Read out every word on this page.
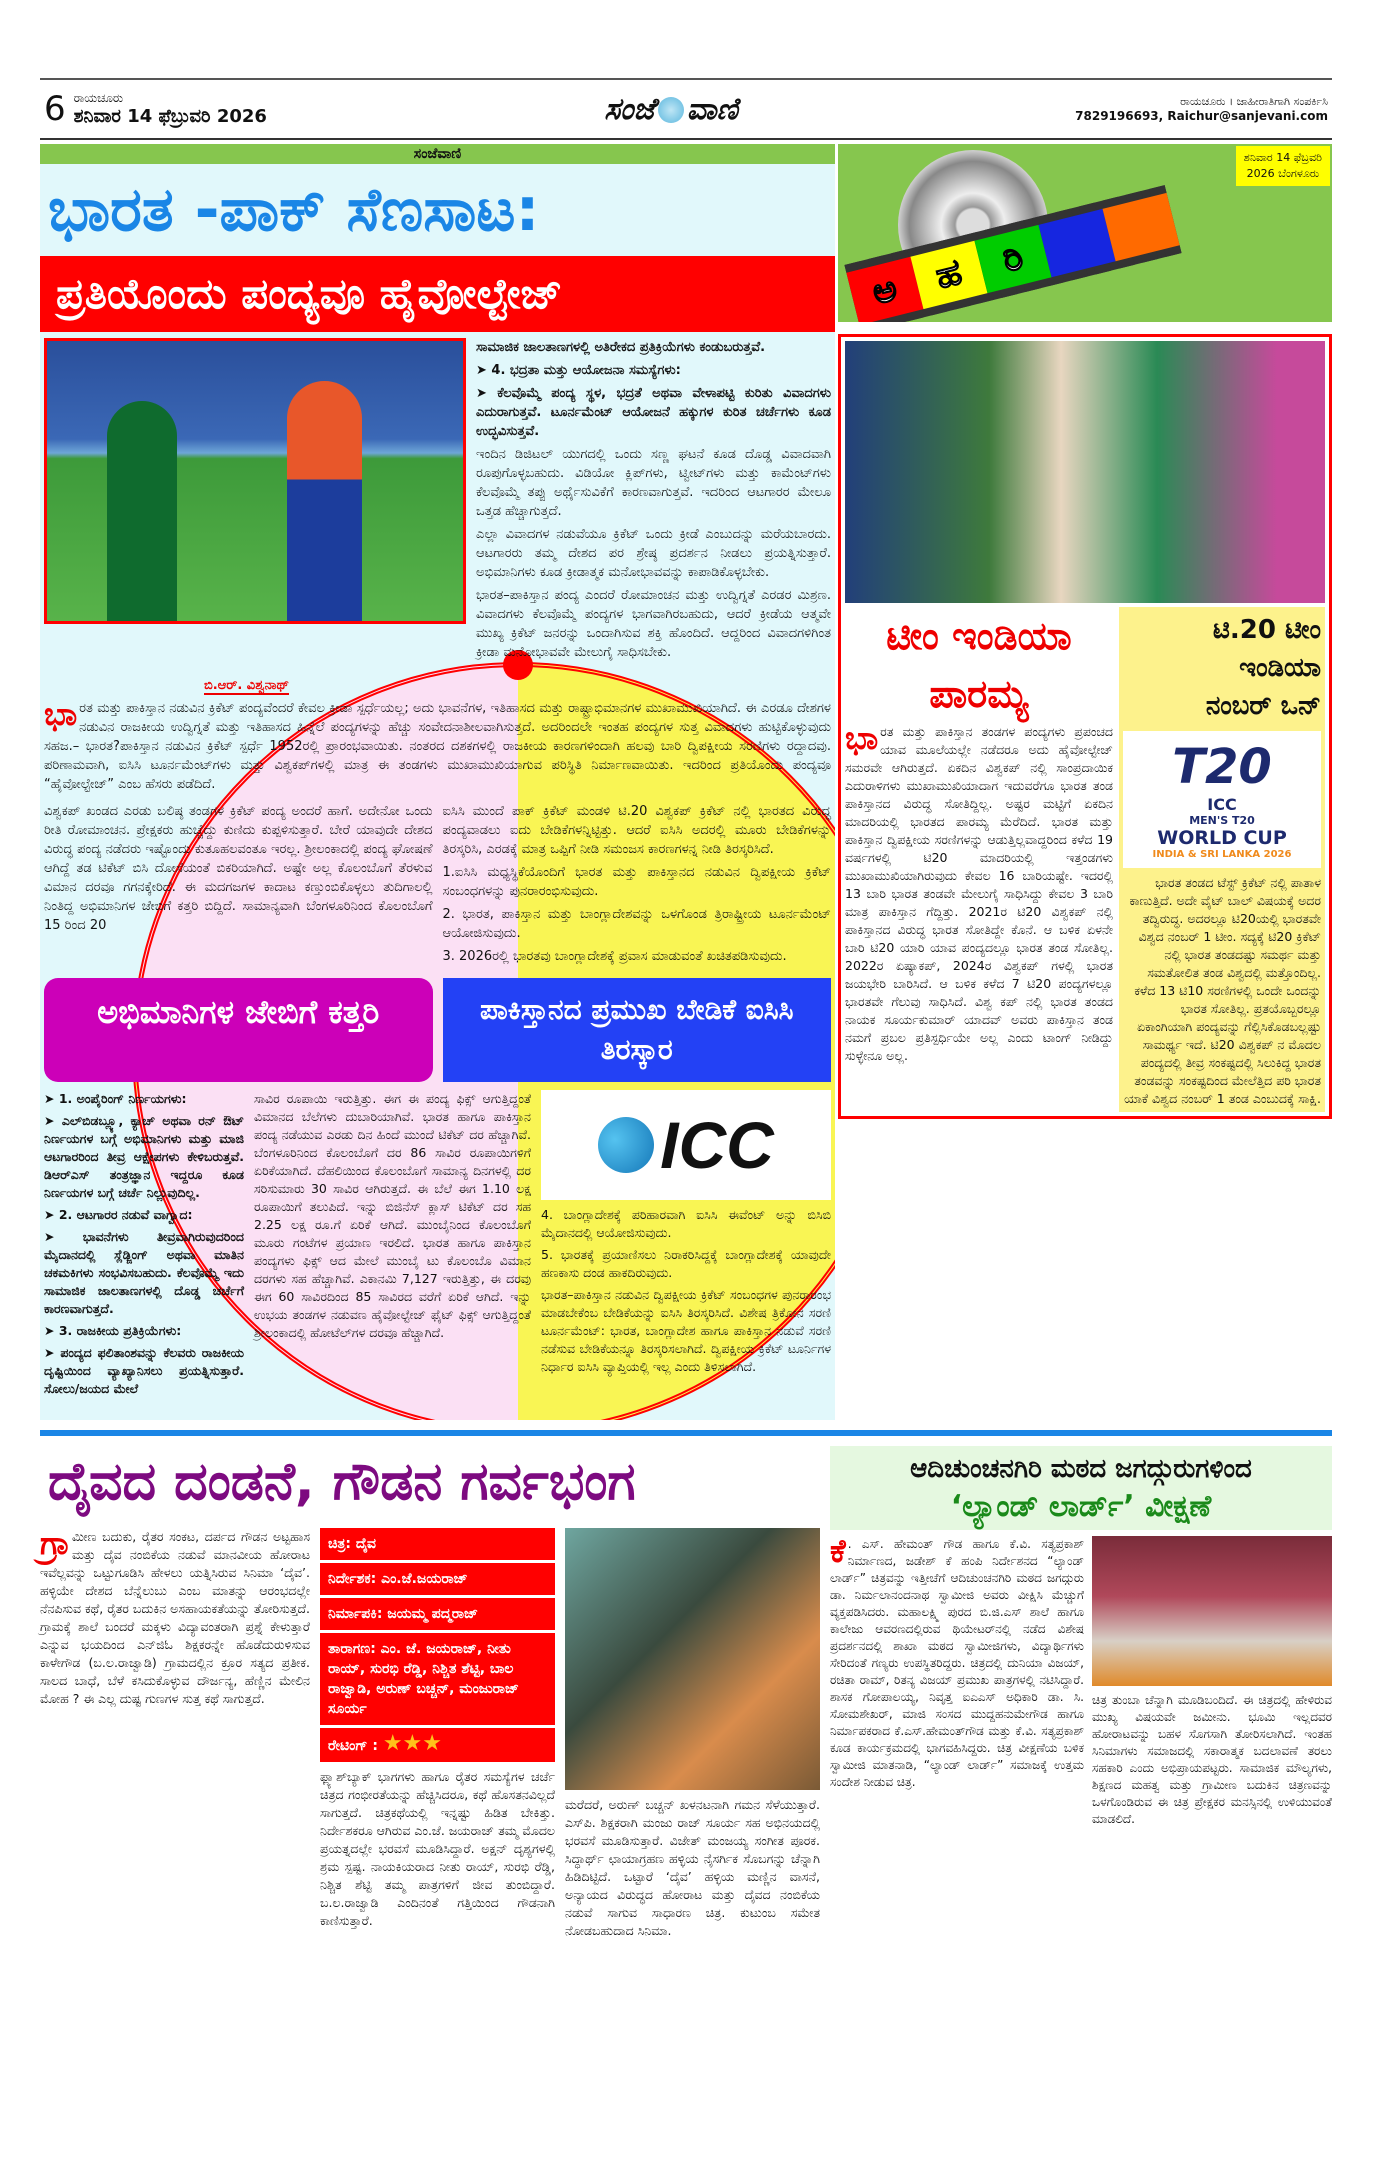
6 ರಾಯಚೂರು
ಶನಿವಾರ 14 ಫೆಬ್ರುವರಿ 2026	ಸಂಜೆ ವಾಣಿ	ರಾಯಚೂರು । ಜಾಹೀರಾತಿಗಾಗಿ ಸಂಪರ್ಕಿಸಿ
7829196693, Raichur@sanjevani.com
ಸಂಜೆವಾಣಿ
ಭಾರತ -ಪಾಕ್ ಸೆಣಸಾಟ:
ಪ್ರತಿಯೊಂದು ಪಂದ್ಯವೂ ಹೈವೋಲ್ಟೇಜ್

ಸಾಮಾಜಿಕ ಜಾಲತಾಣಗಳಲ್ಲಿ ಅತಿರೇಕದ ಪ್ರತಿಕ್ರಿಯೆಗಳು ಕಂಡುಬರುತ್ತವೆ.

➤ 4. ಭದ್ರತಾ ಮತ್ತು ಆಯೋಜನಾ ಸಮಸ್ಯೆಗಳು:

➤ ಕೆಲವೊಮ್ಮೆ ಪಂದ್ಯ ಸ್ಥಳ, ಭದ್ರತೆ ಅಥವಾ ವೇಳಾಪಟ್ಟಿ ಕುರಿತು ವಿವಾದಗಳು ಎದುರಾಗುತ್ತವೆ. ಟೂರ್ನಮೆಂಟ್ ಆಯೋಜನೆ ಹಕ್ಕುಗಳ ಕುರಿತ ಚರ್ಚೆಗಳು ಕೂಡ ಉದ್ಭವಿಸುತ್ತವೆ.

ಇಂದಿನ ಡಿಜಿಟಲ್ ಯುಗದಲ್ಲಿ ಒಂದು ಸಣ್ಣ ಘಟನೆ ಕೂಡ ದೊಡ್ಡ ವಿವಾದವಾಗಿ ರೂಪುಗೊಳ್ಳಬಹುದು. ವಿಡಿಯೋ ಕ್ಲಿಪ್‌ಗಳು, ಟ್ವೀಟ್‌ಗಳು ಮತ್ತು ಕಾಮೆಂಟ್‌ಗಳು ಕೆಲವೊಮ್ಮೆ ತಪ್ಪು ಅರ್ಥೈಸುವಿಕೆಗೆ ಕಾರಣವಾಗುತ್ತವೆ. ಇದರಿಂದ ಆಟಗಾರರ ಮೇಲೂ ಒತ್ತಡ ಹೆಚ್ಚಾಗುತ್ತದೆ.

ಎಲ್ಲಾ ವಿವಾದಗಳ ನಡುವೆಯೂ ಕ್ರಿಕೆಟ್ ಒಂದು ಕ್ರೀಡೆ ಎಂಬುದನ್ನು ಮರೆಯಬಾರದು. ಆಟಗಾರರು ತಮ್ಮ ದೇಶದ ಪರ ಶ್ರೇಷ್ಠ ಪ್ರದರ್ಶನ ನೀಡಲು ಪ್ರಯತ್ನಿಸುತ್ತಾರೆ. ಅಭಿಮಾನಿಗಳು ಕೂಡ ಕ್ರೀಡಾತ್ಮಕ ಮನೋಭಾವವನ್ನು ಕಾಪಾಡಿಕೊಳ್ಳಬೇಕು.

ಭಾರತ–ಪಾಕಿಸ್ತಾನ ಪಂದ್ಯ ಎಂದರೆ ರೋಮಾಂಚನ ಮತ್ತು ಉದ್ವಿಗ್ನತೆ ಎರಡರ ಮಿಶ್ರಣ. ವಿವಾದಗಳು ಕೆಲವೊಮ್ಮೆ ಪಂದ್ಯಗಳ ಭಾಗವಾಗಿರಬಹುದು, ಆದರೆ ಕ್ರೀಡೆಯ ಆತ್ಮವೇ ಮುಖ್ಯ ಕ್ರಿಕೆಟ್ ಜನರನ್ನು ಒಂದಾಗಿಸುವ ಶಕ್ತಿ ಹೊಂದಿದೆ. ಆದ್ದರಿಂದ ವಿವಾದಗಳಿಗಿಂತ ಕ್ರೀಡಾ ಮನೋಭಾವವೇ ಮೇಲುಗೈ ಸಾಧಿಸಬೇಕು.

ಬಿ.ಆರ್. ವಿಶ್ವನಾಥ್
ಭಾರತ ಮತ್ತು ಪಾಕಿಸ್ತಾನ ನಡುವಿನ ಕ್ರಿಕೆಟ್ ಪಂದ್ಯವೆಂದರೆ ಕೇವಲ ಕ್ರೀಡಾ ಸ್ಪರ್ಧೆಯಲ್ಲ; ಅದು ಭಾವನೆಗಳ, ಇತಿಹಾಸದ ಮತ್ತು ರಾಷ್ಟ್ರಾಭಿಮಾನಗಳ ಮುಖಾಮುಖಿಯಾಗಿದೆ. ಈ ಎರಡೂ ದೇಶಗಳ ನಡುವಿನ ರಾಜಕೀಯ ಉದ್ವಿಗ್ನತೆ ಮತ್ತು ಇತಿಹಾಸದ ಹಿನ್ನೆಲೆ ಪಂದ್ಯಗಳನ್ನು ಹೆಚ್ಚು ಸಂವೇದನಾಶೀಲವಾಗಿಸುತ್ತದೆ. ಅದರಿಂದಲೇ ಇಂತಹ ಪಂದ್ಯಗಳ ಸುತ್ತ ವಿವಾದಗಳು ಹುಟ್ಟಿಕೊಳ್ಳುವುದು ಸಹಜ.– ಭಾರತ?ಪಾಕಿಸ್ತಾನ ನಡುವಿನ ಕ್ರಿಕೆಟ್ ಸ್ಪರ್ಧೆ 1952ರಲ್ಲಿ ಪ್ರಾರಂಭವಾಯಿತು. ನಂತರದ ದಶಕಗಳಲ್ಲಿ ರಾಜಕೀಯ ಕಾರಣಗಳಿಂದಾಗಿ ಹಲವು ಬಾರಿ ದ್ವಿಪಕ್ಷೀಯ ಸರಣಿಗಳು ರದ್ದಾದವು. ಪರಿಣಾಮವಾಗಿ, ಐಸಿಸಿ ಟೂರ್ನಮೆಂಟ್‌ಗಳು ಮತ್ತು ವಿಶ್ವಕಪ್‌ಗಳಲ್ಲಿ ಮಾತ್ರ ಈ ತಂಡಗಳು ಮುಖಾಮುಖಿಯಾಗುವ ಪರಿಸ್ಥಿತಿ ನಿರ್ಮಾಣವಾಯಿತು. ಇದರಿಂದ ಪ್ರತಿಯೊಂದು ಪಂದ್ಯವೂ “ಹೈವೋಲ್ಟೇಜ್” ಎಂಬ ಹೆಸರು ಪಡೆದಿದೆ.
ವಿಶ್ವಕಪ್ ಖಂಡದ ಎರಡು ಬಲಿಷ್ಠ ತಂಡಗಳ ಕ್ರಿಕೆಟ್ ಪಂದ್ಯ ಅಂದರೆ ಹಾಗೆ. ಅದೇನೋ ಒಂದು ರೀತಿ ರೋಮಾಂಚನ. ಪ್ರೇಕ್ಷಕರು ಹುಚ್ಚೆದ್ದು ಕುಣಿದು ಕುಪ್ಪಳಿಸುತ್ತಾರೆ. ಬೇರೆ ಯಾವುದೇ ದೇಶದ ವಿರುದ್ಧ ಪಂದ್ಯ ನಡೆದರು ಇಷ್ಟೊಂದು ಕುತೂಹಲವಂತೂ ಇರಲ್ಲ. ಶ್ರೀಲಂಕಾದಲ್ಲಿ ಪಂದ್ಯ ಘೋಷಣೆ ಆಗಿದ್ದೆ ತಡ ಟಿಕೆಟ್ ಬಿಸಿ ದೋಸೆಯಂತೆ ಬಿಕರಿಯಾಗಿದೆ. ಅಷ್ಟೇ ಅಲ್ಲ ಕೊಲಂಬೊಗೆ ತೆರಳುವ ವಿಮಾನ ದರವೂ ಗಗನಕ್ಕೇರಿದೆ. ಈ ಮದಗಜಗಳ ಕಾದಾಟ ಕಣ್ತುಂಬಿಕೊಳ್ಳಲು ತುದಿಗಾಲಲ್ಲಿ ನಿಂತಿದ್ದ ಅಭಿಮಾನಿಗಳ ಜೇಬಿಗೆ ಕತ್ತರಿ ಬಿದ್ದಿದೆ. ಸಾಮಾನ್ಯವಾಗಿ ಬೆಂಗಳೂರಿನಿಂದ ಕೊಲಂಬೊಗೆ 15 ರಿಂದ 20

ಐಸಿಸಿ ಮುಂದೆ ಪಾಕ್ ಕ್ರಿಕೆಟ್ ಮಂಡಳಿ ಟಿ.20 ವಿಶ್ವಕಪ್ ಕ್ರಿಕೆಟ್ ನಲ್ಲಿ ಭಾರತದ ವಿರುದ್ಧ ಪಂದ್ಯವಾಡಲು ಐದು ಬೇಡಿಕೆಗಳನ್ನಿಟ್ಟಿತ್ತು. ಆದರೆ ಐಸಿಸಿ ಅದರಲ್ಲಿ ಮೂರು ಬೇಡಿಕೆಗಳನ್ನು ತಿರಸ್ಕರಿಸಿ, ಎರಡಕ್ಕೆ ಮಾತ್ರ ಒಪ್ಪಿಗೆ ನೀಡಿ ಸಮಂಜಸ ಕಾರಣಗಳನ್ನ ನೀಡಿ ತಿರಸ್ಕರಿಸಿದೆ.

1.ಐಸಿಸಿ ಮಧ್ಯಸ್ಥಿಕೆಯೊಂದಿಗೆ ಭಾರತ ಮತ್ತು ಪಾಕಿಸ್ತಾನದ ನಡುವಿನ ದ್ವಿಪಕ್ಷೀಯ ಕ್ರಿಕೆಟ್ ಸಂಬಂಧಗಳನ್ನು ಪುನರಾರಂಭಿಸುವುದು.

2. ಭಾರತ, ಪಾಕಿಸ್ತಾನ ಮತ್ತು ಬಾಂಗ್ಲಾದೇಶವನ್ನು ಒಳಗೊಂಡ ತ್ರಿರಾಷ್ಟ್ರೀಯ ಟೂರ್ನಮೆಂಟ್ ಆಯೋಜಿಸುವುದು.

3. 2026ರಲ್ಲಿ ಭಾರತವು ಬಾಂಗ್ಲಾದೇಶಕ್ಕೆ ಪ್ರವಾಸ ಮಾಡುವಂತೆ ಖಚಿತಪಡಿಸುವುದು.

ಅಭಿಮಾನಿಗಳ ಜೇಬಿಗೆ ಕತ್ತರಿ	ಪಾಕಿಸ್ತಾನದ ಪ್ರಮುಖ ಬೇಡಿಕೆ ಐಸಿಸಿ ತಿರಸ್ಕಾರ

➤ 1. ಅಂಪೈರಿಂಗ್ ನಿರ್ಣಯಗಳು:

➤ ಎಲ್‌ಬಿಡಬ್ಲ್ಯೂ, ಕ್ಯಾಚ್ ಅಥವಾ ರನ್ ಔಟ್ ನಿರ್ಣಯಗಳ ಬಗ್ಗೆ ಅಭಿಮಾನಿಗಳು ಮತ್ತು ಮಾಜಿ ಆಟಗಾರರಿಂದ ತೀವ್ರ ಆಕ್ಷೇಪಗಳು ಕೇಳಿಬರುತ್ತವೆ. ಡಿಆರ್‌ಎಸ್ ತಂತ್ರಜ್ಞಾನ ಇದ್ದರೂ ಕೂಡ ನಿರ್ಣಯಗಳ ಬಗ್ಗೆ ಚರ್ಚೆ ನಿಲ್ಲುವುದಿಲ್ಲ.

➤ 2. ಆಟಗಾರರ ನಡುವೆ ವಾಗ್ವಾದ:

➤ ಭಾವನೆಗಳು ತೀವ್ರವಾಗಿರುವುದರಿಂದ ಮೈದಾನದಲ್ಲಿ ಸ್ಲೆಡ್ಜಿಂಗ್ ಅಥವಾ ಮಾತಿನ ಚಕಮಕಿಗಳು ಸಂಭವಿಸಬಹುದು. ಕೆಲವೊಮ್ಮೆ ಇದು ಸಾಮಾಜಿಕ ಜಾಲತಾಣಗಳಲ್ಲಿ ದೊಡ್ಡ ಚರ್ಚೆಗೆ ಕಾರಣವಾಗುತ್ತದೆ.

➤ 3. ರಾಜಕೀಯ ಪ್ರತಿಕ್ರಿಯೆಗಳು:

➤ ಪಂದ್ಯದ ಫಲಿತಾಂಶವನ್ನು ಕೆಲವರು ರಾಜಕೀಯ ದೃಷ್ಟಿಯಿಂದ ವ್ಯಾಖ್ಯಾನಿಸಲು ಪ್ರಯತ್ನಿಸುತ್ತಾರೆ. ಸೋಲು/ಜಯದ ಮೇಲೆ

ಸಾವಿರ ರೂಪಾಯಿ ಇರುತ್ತಿತ್ತು. ಈಗ ಈ ಪಂದ್ಯ ಫಿಕ್ಸ್ ಆಗುತ್ತಿದ್ದಂತೆ ವಿಮಾನದ ಬೆಲೆಗಳು ದುಬಾರಿಯಾಗಿವೆ. ಭಾರತ ಹಾಗೂ ಪಾಕಿಸ್ತಾನ ಪಂದ್ಯ ನಡೆಯುವ ಎರಡು ದಿನ ಹಿಂದೆ ಮುಂದೆ ಟಿಕೆಟ್ ದರ ಹೆಚ್ಚಾಗಿವೆ. ಬೆಂಗಳೂರಿನಿಂದ ಕೊಲಂಬೊಗೆ ದರ 86 ಸಾವಿರ ರೂಪಾಯಿಗಳಿಗೆ ಏರಿಕೆಯಾಗಿದೆ. ದೆಹಲಿಯಿಂದ ಕೊಲಂಬೊಗೆ ಸಾಮಾನ್ಯ ದಿನಗಳಲ್ಲಿ ದರ ಸರಿಸುಮಾರು 30 ಸಾವಿರ ಆಗಿರುತ್ತದೆ. ಈ ಬೆಲೆ ಈಗ 1.10 ಲಕ್ಷ ರೂಪಾಯಿಗೆ ತಲುಪಿದೆ. ಇನ್ನು ಬಿಜಿನೆಸ್ ಕ್ಲಾಸ್ ಟಿಕೆಟ್ ದರ ಸಹ 2.25 ಲಕ್ಷ ರೂ.ಗೆ ಏರಿಕೆ ಆಗಿದೆ. ಮುಂಬೈನಿಂದ ಕೊಲಂಬೊಗೆ ಮೂರು ಗಂಟೆಗಳ ಪ್ರಯಾಣ ಇರಲಿದೆ. ಭಾರತ ಹಾಗೂ ಪಾಕಿಸ್ತಾನ ಪಂದ್ಯಗಳು ಫಿಕ್ಸ್ ಆದ ಮೇಲೆ ಮುಂಬೈ ಟು ಕೊಲಂಬೊ ವಿಮಾನ ದರಗಳು ಸಹ ಹೆಚ್ಚಾಗಿವೆ. ಎಕಾನಮಿ 7,127 ಇರುತ್ತಿತ್ತು, ಈ ದರವು ಈಗ 60 ಸಾವಿರದಿಂದ 85 ಸಾವಿರದ ವರೆಗೆ ಏರಿಕೆ ಆಗಿದೆ. ಇನ್ನು ಉಭಯ ತಂಡಗಳ ನಡುವಣ ಹೈವೋಲ್ಟೇಜ್ ಫೈಟ್ ಫಿಕ್ಸ್ ಆಗುತ್ತಿದ್ದಂತೆ ಶ್ರೀಲಂಕಾದಲ್ಲಿ ಹೋಟೆಲ್‌ಗಳ ದರವೂ ಹೆಚ್ಚಾಗಿದೆ.
ICC

4. ಬಾಂಗ್ಲಾದೇಶಕ್ಕೆ ಪರಿಹಾರವಾಗಿ ಐಸಿಸಿ ಈವೆಂಟ್ ಅನ್ನು ಬಿಸಿಬಿ ಮೈದಾನದಲ್ಲಿ ಆಯೋಜಿಸುವುದು.

5. ಭಾರತಕ್ಕೆ ಪ್ರಯಾಣಿಸಲು ನಿರಾಕರಿಸಿದ್ದಕ್ಕೆ ಬಾಂಗ್ಲಾದೇಶಕ್ಕೆ ಯಾವುದೇ ಹಣಕಾಸು ದಂಡ ಹಾಕದಿರುವುದು.

ಭಾರತ–ಪಾಕಿಸ್ತಾನ ನಡುವಿನ ದ್ವಿಪಕ್ಷೀಯ ಕ್ರಿಕೆಟ್ ಸಂಬಂಧಗಳ ಪುನರಾರಂಭ ಮಾಡಬೇಕೆಂಬ ಬೇಡಿಕೆಯನ್ನು ಐಸಿಸಿ ತಿರಸ್ಕರಿಸಿದೆ. ವಿಶೇಷ ತ್ರಿಕೋನ ಸರಣಿ ಟೂರ್ನಮೆಂಟ್: ಭಾರತ, ಬಾಂಗ್ಲಾದೇಶ ಹಾಗೂ ಪಾಕಿಸ್ತಾನ ನಡುವೆ ಸರಣಿ ನಡೆಸುವ ಬೇಡಿಕೆಯನ್ನೂ ತಿರಸ್ಕರಿಸಲಾಗಿದೆ. ದ್ವಿಪಕ್ಷೀಯ ಕ್ರಿಕೆಟ್ ಟೂರ್ನಿಗಳ ನಿರ್ಧಾರ ಐಸಿಸಿ ವ್ಯಾಪ್ತಿಯಲ್ಲಿ ಇಲ್ಲ ಎಂದು ತಿಳಿಸಲಾಗಿದೆ.

ಅ ಹ ರಿ
ಶನಿವಾರ 14 ಫೆಬ್ರವರಿ
2026 ಬೆಂಗಳೂರು
ಟೀಂ ಇಂಡಿಯಾ ಪಾರಮ್ಯ
ಭಾರತ ಮತ್ತು ಪಾಕಿಸ್ತಾನ ತಂಡಗಳ ಪಂದ್ಯಗಳು ಪ್ರಪಂಚದ ಯಾವ ಮೂಲೆಯಲ್ಲೇ ನಡೆದರೂ ಅದು ಹೈವೋಲ್ಟೇಜ್ ಸಮರವೇ ಆಗಿರುತ್ತದೆ. ಏಕದಿನ ವಿಶ್ವಕಪ್ ನಲ್ಲಿ ಸಾಂಪ್ರದಾಯಿಕ ಎದುರಾಳಿಗಳು ಮುಖಾಮುಖಿಯಾದಾಗ ಇದುವರೆಗೂ ಭಾರತ ತಂಡ ಪಾಕಿಸ್ತಾನದ ವಿರುದ್ಧ ಸೋತಿದ್ದಿಲ್ಲ. ಅಷ್ಟರ ಮಟ್ಟಿಗೆ ಏಕದಿನ ಮಾದರಿಯಲ್ಲಿ ಭಾರತದ ಪಾರಮ್ಯ ಮೆರೆದಿದೆ. ಭಾರತ ಮತ್ತು ಪಾಕಿಸ್ತಾನ ದ್ವಿಪಕ್ಷೀಯ ಸರಣಿಗಳನ್ನು ಆಡುತ್ತಿಲ್ಲವಾದ್ದರಿಂದ ಕಳೆದ 19 ವರ್ಷಗಳಲ್ಲಿ ಟಿ20 ಮಾದರಿಯಲ್ಲಿ ಇತ್ತಂಡಗಳು ಮುಖಾಮುಖಿಯಾಗಿರುವುದು ಕೇವಲ 16 ಬಾರಿಯಷ್ಟೇ. ಇದರಲ್ಲಿ 13 ಬಾರಿ ಭಾರತ ತಂಡವೇ ಮೇಲುಗೈ ಸಾಧಿಸಿದ್ದು ಕೇವಲ 3 ಬಾರಿ ಮಾತ್ರ ಪಾಕಿಸ್ತಾನ ಗೆದ್ದಿತ್ತು. 2021ರ ಟಿ20 ವಿಶ್ವಕಪ್ ನಲ್ಲಿ ಪಾಕಿಸ್ತಾನದ ವಿರುದ್ಧ ಭಾರತ ಸೋತಿದ್ದೇ ಕೊನೆ. ಆ ಬಳಿಕ ಏಳನೇ ಬಾರಿ ಟಿ20 ಯಾರಿ ಯಾವ ಪಂದ್ಯದಲ್ಲೂ ಭಾರತ ತಂಡ ಸೋತಿಲ್ಲ. 2022ರ ಏಷ್ಯಾಕಪ್, 2024ರ ವಿಶ್ವಕಪ್ ಗಳಲ್ಲಿ ಭಾರತ ಜಯಭೇರಿ ಬಾರಿಸಿದೆ. ಆ ಬಳಿಕ ಕಳೆದ 7 ಟಿ20 ಪಂದ್ಯಗಳಲ್ಲೂ ಭಾರತವೇ ಗೆಲುವು ಸಾಧಿಸಿದೆ. ವಿಶ್ವ ಕಪ್ ನಲ್ಲಿ ಭಾರತ ತಂಡದ ನಾಯಕ ಸೂರ್ಯಕುಮಾರ್ ಯಾದವ್ ಅವರು ಪಾಕಿಸ್ತಾನ ತಂಡ ನಮಗೆ ಪ್ರಬಲ ಪ್ರತಿಸ್ಪರ್ಧಿಯೇ ಅಲ್ಲ ಎಂದು ಟಾಂಗ್ ನೀಡಿದ್ದು ಸುಳ್ಳೇನೂ ಅಲ್ಲ.
ಟಿ.20 ಟೀಂ
ಇಂಡಿಯಾ
ನಂಬರ್ ಒನ್
T20
ICC
MEN'S T20
WORLD CUP
INDIA & SRI LANKA 2026
ಭಾರತ ತಂಡದ ಟೆಸ್ಟ್ ಕ್ರಿಕೆಟ್ ನಲ್ಲಿ ಪಾತಾಳ ಕಾಣುತ್ತಿದೆ. ಅದೇ ವೈಟ್ ಬಾಲ್ ವಿಷಯಕ್ಕೆ ಅದರ ತದ್ವಿರುದ್ಧ. ಅದರಲ್ಲೂ ಟಿ20ಯಲ್ಲಿ ಭಾರತವೇ ವಿಶ್ವದ ನಂಬರ್ 1 ಟೀಂ. ಸದ್ಯಕ್ಕೆ ಟಿ20 ಕ್ರಿಕೆಟ್ ನಲ್ಲಿ ಭಾರತ ತಂಡದಷ್ಟು ಸಮರ್ಥ ಮತ್ತು ಸಮತೋಲಿತ ತಂಡ ವಿಶ್ವದಲ್ಲಿ ಮತ್ತೊಂದಿಲ್ಲ. ಕಳೆದ 13 ಟಿ10 ಸರಣಿಗಳಲ್ಲಿ ಒಂದೇ ಒಂದನ್ನು ಭಾರತ ಸೋತಿಲ್ಲ. ಪ್ರತಯೊಬ್ಬರಲ್ಲೂ ಏಕಾಂಗಿಯಾಗಿ ಪಂದ್ಯವನ್ನು ಗೆಲ್ಲಿಸಿಕೊಡಬಲ್ಲಷ್ಟು ಸಾಮರ್ಥ್ಯ ಇದೆ. ಟಿ20 ವಿಶ್ವಕಪ್ ನ ಮೊದಲ ಪಂದ್ಯದಲ್ಲಿ ತೀವ್ರ ಸಂಕಷ್ಟದಲ್ಲಿ ಸಿಲುಕಿದ್ದ ಭಾರತ ತಂಡವನ್ನು ಸಂಕಷ್ಟದಿಂದ ಮೇಲೆತ್ತಿದ ಪರಿ ಭಾರತ ಯಾಕೆ ವಿಶ್ವದ ನಂಬರ್ 1 ತಂಡ ಎಂಬುದಕ್ಕೆ ಸಾಕ್ಷಿ.
ದೈವದ ದಂಡನೆ, ಗೌಡನ ಗರ್ವಭಂಗ
ಗ್ರಾ ಮೀಣ ಬದುಕು, ರೈತರ ಸಂಕಟ, ದರ್ಪದ ಗೌಡನ ಅಟ್ಟಹಾಸ ಮತ್ತು ದೈವ ನಂಬಿಕೆಯ ನಡುವೆ ಮಾನವೀಯ ಹೋರಾಟ ಇವೆಲ್ಲವನ್ನು ಒಟ್ಟುಗೂಡಿಸಿ ಹೇಳಲು ಯತ್ನಿಸಿರುವ ಸಿನಿಮಾ ‘ದೈವ’. ಹಳ್ಳಿಯೇ ದೇಶದ ಬೆನ್ನೆಲುಬು ಎಂಬ ಮಾತನ್ನು ಆರಂಭದಲ್ಲೇ ನೆನಪಿಸುವ ಕಥೆ, ರೈತರ ಬದುಕಿನ ಅಸಹಾಯಕತೆಯನ್ನು ತೋರಿಸುತ್ತದೆ. ಗ್ರಾಮಕ್ಕೆ ಶಾಲೆ ಬಂದರೆ ಮಕ್ಕಳು ವಿದ್ಯಾವಂತರಾಗಿ ಪ್ರಶ್ನೆ ಕೇಳುತ್ತಾರೆ ಎನ್ನುವ ಭಯದಿಂದ ಎನ್‌ಜಿಓ ಶಿಕ್ಷಕರನ್ನೇ ಹೊಡೆದುರುಳಿಸುವ ಕಾಳೇಗೌಡ (ಬ.ಲ.ರಾಜ್ವಾಡಿ) ಗ್ರಾಮದಲ್ಲಿನ ಕ್ರೂರ ಸತ್ಯದ ಪ್ರತೀಕ. ಸಾಲದ ಬಾಧೆ, ಬೆಳೆ ಕಸಿದುಕೊಳ್ಳುವ ದೌರ್ಜನ್ಯ, ಹೆಣ್ಣಿನ ಮೇಲಿನ ಮೋಹ ? ಈ ಎಲ್ಲ ದುಷ್ಟ ಗುಣಗಳ ಸುತ್ತ ಕಥೆ ಸಾಗುತ್ತದೆ.
ಚಿತ್ರ: ದೈವ
ನಿರ್ದೇಶಕ: ಎಂ.ಜೆ.ಜಯರಾಜ್
ನಿರ್ಮಾಪಕಿ: ಜಯಮ್ಮ ಪದ್ಮರಾಜ್
ತಾರಾಗಣ: ಎಂ. ಜೆ. ಜಯರಾಜ್, ನೀತು ರಾಯ್, ಸುರಭಿ ರೆಡ್ಡಿ, ನಿಶ್ಚಿತ ಶೆಟ್ಟಿ, ಬಾಲ ರಾಜ್ವಾಡಿ, ಅರುಣ್ ಬಚ್ಚನ್, ಮಂಜುರಾಜ್ ಸೂರ್ಯ
ರೇಟಿಂಗ್ : ★★★
ಫ್ಲ್ಯಾಶ್‌ಬ್ಯಾಕ್ ಭಾಗಗಳು ಹಾಗೂ ರೈತರ ಸಮಸ್ಯೆಗಳ ಚರ್ಚೆ ಚಿತ್ರದ ಗಂಭೀರತೆಯನ್ನು ಹೆಚ್ಚಿಸಿದರೂ, ಕಥೆ ಹೊಸತನವಿಲ್ಲದೆ ಸಾಗುತ್ತದೆ. ಚಿತ್ರಕಥೆಯಲ್ಲಿ ಇನ್ನಷ್ಟು ಹಿಡಿತ ಬೇಕಿತ್ತು. ನಿರ್ದೇಶಕರೂ ಆಗಿರುವ ಎಂ.ಜೆ. ಜಯರಾಜ್ ತಮ್ಮ ಮೊದಲ ಪ್ರಯತ್ನದಲ್ಲೇ ಭರವಸೆ ಮೂಡಿಸಿದ್ದಾರೆ. ಅಕ್ಷನ್ ದೃಶ್ಯಗಳಲ್ಲಿ ಶ್ರಮ ಸ್ಪಷ್ಟ. ನಾಯಕಿಯರಾದ ನೀತು ರಾಯ್, ಸುರಭಿ ರೆಡ್ಡಿ, ನಿಶ್ಚಿತ ಶೆಟ್ಟಿ ತಮ್ಮ ಪಾತ್ರಗಳಿಗೆ ಜೀವ ತುಂಬಿದ್ದಾರೆ. ಬ.ಲ.ರಾಜ್ವಾಡಿ ಎಂದಿನಂತೆ ಗತ್ತಿಯಿಂದ ಗೌಡನಾಗಿ ಕಾಣಿಸುತ್ತಾರೆ.
ಮರೆದರೆ, ಅರುಣ್ ಬಚ್ಚನ್ ಖಳನಟನಾಗಿ ಗಮನ ಸೆಳೆಯುತ್ತಾರೆ. ಎಸ್‌ಪಿ. ಶಿಕ್ಷಕರಾಗಿ ಮಂಜು ರಾಜ್ ಸೂರ್ಯ ಸಹ ಅಭಿನಯದಲ್ಲಿ ಭರವಸೆ ಮೂಡಿಸುತ್ತಾರೆ. ವಿಜೇತ್ ಮಂಜಯ್ಯ ಸಂಗೀತ ಪೂರಕ. ಸಿದ್ಧಾರ್ಥ್ ಛಾಯಾಗ್ರಹಣ ಹಳ್ಳಿಯ ನೈಸರ್ಗಿಕ ಸೊಬಗನ್ನು ಚೆನ್ನಾಗಿ ಹಿಡಿದಿಟ್ಟಿದೆ. ಒಟ್ಟಾರೆ ‘ದೈವ’ ಹಳ್ಳಿಯ ಮಣ್ಣಿನ ವಾಸನೆ, ಅನ್ಯಾಯದ ವಿರುದ್ಧದ ಹೋರಾಟ ಮತ್ತು ದೈವದ ನಂಬಿಕೆಯ ನಡುವೆ ಸಾಗುವ ಸಾಧಾರಣ ಚಿತ್ರ. ಕುಟುಂಬ ಸಮೇತ ನೋಡಬಹುದಾದ ಸಿನಿಮಾ.
ಆದಿಚುಂಚನಗಿರಿ ಮಠದ ಜಗದ್ಗುರುಗಳಿಂದ
‘ಲ್ಯಾಂಡ್ ಲಾರ್ಡ್’ ವೀಕ್ಷಣೆ
ಕೆ . ಎಸ್. ಹೇಮಂತ್ ಗೌಡ ಹಾಗೂ ಕೆ.ವಿ. ಸತ್ಯಪ್ರಕಾಶ್ ನಿರ್ಮಾಣದ, ಜಡೇಶ್ ಕೆ ಹಂಪಿ ನಿರ್ದೇಶನದ “ಲ್ಯಾಂಡ್ ಲಾರ್ಡ್” ಚಿತ್ರವನ್ನು ಇತ್ತೀಚೆಗೆ ಆದಿಚುಂಚನಗಿರಿ ಮಠದ ಜಗದ್ಗುರು ಡಾ. ನಿರ್ಮಲಾನಂದನಾಥ ಸ್ವಾಮೀಜಿ ಅವರು ವೀಕ್ಷಿಸಿ ಮೆಚ್ಚುಗೆ ವ್ಯಕ್ತಪಡಿಸಿದರು. ಮಹಾಲಕ್ಷ್ಮಿ ಪುರದ ಬಿ.ಜಿ.ಎಸ್ ಶಾಲೆ ಹಾಗೂ ಕಾಲೇಜು ಆವರಣದಲ್ಲಿರುವ ಥಿಯೇಟರ್‌ನಲ್ಲಿ ನಡೆದ ವಿಶೇಷ ಪ್ರದರ್ಶನದಲ್ಲಿ ಶಾಖಾ ಮಠದ ಸ್ವಾಮೀಜಿಗಳು, ವಿದ್ಯಾರ್ಥಿಗಳು ಸೇರಿದಂತೆ ಗಣ್ಯರು ಉಪಸ್ಥಿತರಿದ್ದರು. ಚಿತ್ರದಲ್ಲಿ ದುನಿಯಾ ವಿಜಯ್, ರಚಿತಾ ರಾಮ್, ರಿತನ್ಯ ವಿಜಯ್ ಪ್ರಮುಖ ಪಾತ್ರಗಳಲ್ಲಿ ನಟಿಸಿದ್ದಾರೆ. ಶಾಸಕ ಗೋಪಾಲಯ್ಯ, ನಿವೃತ್ತ ಐಎಎಸ್ ಅಧಿಕಾರಿ ಡಾ. ಸಿ. ಸೋಮಶೇಖರ್, ಮಾಜಿ ಸಂಸದ ಮುದ್ದಹನುಮೇಗೌಡ ಹಾಗೂ ನಿರ್ಮಾಪಕರಾದ ಕೆ.ಎಸ್.ಹೇಮಂತ್‌ಗೌಡ ಮತ್ತು ಕೆ.ವಿ. ಸತ್ಯಪ್ರಕಾಶ್ ಕೂಡ ಕಾರ್ಯಕ್ರಮದಲ್ಲಿ ಭಾಗವಹಿಸಿದ್ದರು. ಚಿತ್ರ ವೀಕ್ಷಣೆಯ ಬಳಿಕ ಸ್ವಾಮೀಜಿ ಮಾತನಾಡಿ, “ಲ್ಯಾಂಡ್ ಲಾರ್ಡ್” ಸಮಾಜಕ್ಕೆ ಉತ್ತಮ ಸಂದೇಶ ನೀಡುವ ಚಿತ್ರ.
ಚಿತ್ರ ತುಂಬಾ ಚೆನ್ನಾಗಿ ಮೂಡಿಬಂದಿದೆ. ಈ ಚಿತ್ರದಲ್ಲಿ ಹೇಳಿರುವ ಮುಖ್ಯ ವಿಷಯವೇ ಜಮೀನು. ಭೂಮಿ ಇಲ್ಲದವರ ಹೋರಾಟವನ್ನು ಬಹಳ ಸೊಗಸಾಗಿ ತೋರಿಸಲಾಗಿದೆ. ಇಂತಹ ಸಿನಿಮಾಗಳು ಸಮಾಜದಲ್ಲಿ ಸಕಾರಾತ್ಮಕ ಬದಲಾವಣೆ ತರಲು ಸಹಕಾರಿ ಎಂದು ಅಭಿಪ್ರಾಯಪಟ್ಟರು. ಸಾಮಾಜಿಕ ಮೌಲ್ಯಗಳು, ಶಿಕ್ಷಣದ ಮಹತ್ವ ಮತ್ತು ಗ್ರಾಮೀಣ ಬದುಕಿನ ಚಿತ್ರಣವನ್ನು ಒಳಗೊಂಡಿರುವ ಈ ಚಿತ್ರ ಪ್ರೇಕ್ಷಕರ ಮನಸ್ಸಿನಲ್ಲಿ ಉಳಿಯುವಂತೆ ಮಾಡಲಿದೆ.
